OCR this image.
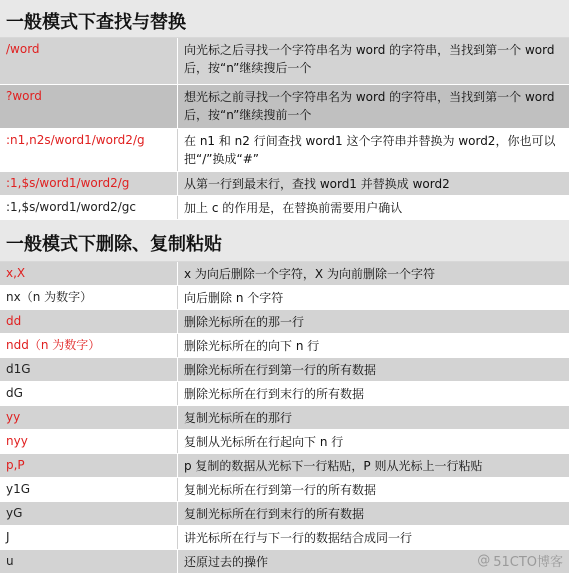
一般模式下查找与替换
/word	向光标之后寻找一个字符串名为 word 的字符串，当找到第一个 word 后，按“n”继续搜后一个
?word	想光标之前寻找一个字符串名为 word 的字符串，当找到第一个 word 后，按“n”继续搜前一个
:n1,n2s/word1/word2/g	在 n1 和 n2 行间查找 word1 这个字符串并替换为 word2，你也可以把“/”换成“#”
:1,$s/word1/word2/g	从第一行到最末行，查找 word1 并替换成 word2
:1,$s/word1/word2/gc	加上 c 的作用是，在替换前需要用户确认
一般模式下删除、复制粘贴
x,X	x 为向后删除一个字符，X 为向前删除一个字符
nx（n 为数字）	向后删除 n 个字符
dd	删除光标所在的那一行
ndd（n 为数字）	删除光标所在的向下 n 行
d1G	删除光标所在行到第一行的所有数据
dG	删除光标所在行到末行的所有数据
yy	复制光标所在的那行
nyy	复制从光标所在行起向下 n 行
p,P	p 复制的数据从光标下一行粘贴，P 则从光标上一行粘贴
y1G	复制光标所在行到第一行的所有数据
yG	复制光标所在行到末行的所有数据
J	讲光标所在行与下一行的数据结合成同一行
u	还原过去的操作	@ 51CTO博客
